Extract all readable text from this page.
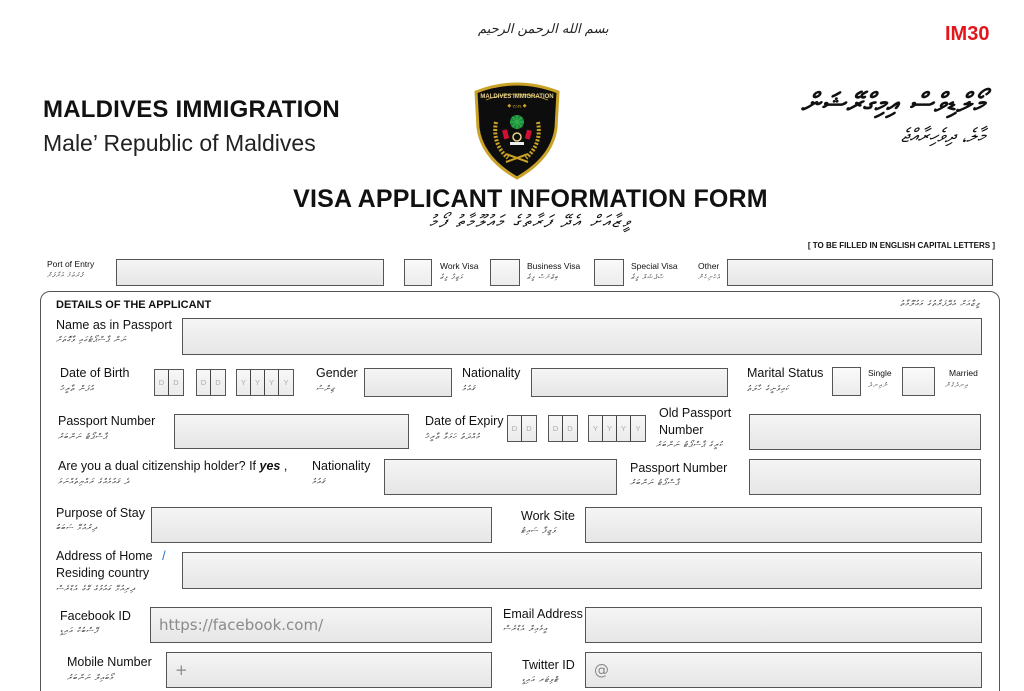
بسم الله الرحمن الرحيم	IM30
MALDIVES IMMIGRATION
Male’ Republic of Maldives
މޯލްޑިވްސް އިމިގްރޭޝަން
މާލެ، ދިވެހިރާއްޖެ
MALDIVES IMMIGRATION
◆ ޑިވިއިމި ◆
VISA APPLICANT INFORMATION FORM
ވީޒާއަށް އެދޭ ފަރާތުގެ މައުލޫމާތު ފޯމު
[ TO BE FILLED IN ENGLISH CAPITAL LETTERS ]
Port of Entry
ފުރަތަމަ އަރާފަށް
Work Visa
ވަޒީފާ ވީޒާ
Business Visa
ބިޒްނަސް ވީޒާ
Special Visa
ސްޕެޝަލް ވީޒާ
Other
އެހެނިހެން
DETAILS OF THE APPLICANT	ވީޒާއަށް އެދޭފަރާތުގެ މައުލޫމާތު
Name as in Passport
ނަން ޕާސްޕޯޓުގައި ވާގޮތަށް
Date of Birth
އުފަން ތާރީޚު
D	D	D	D	Y	Y	Y	Y
Gender
ޖިންސު
Nationality
ޤައުމު
Marital Status
ކައިވެނީގެ ހާލަތު
Single
ނުއިނދެ
Married
އިނދެގެން
Passport Number
ޕާސްޕޯޓު ނަންބަރު
Date of Expiry
މުއްދަތު ހަމަވާ ތާރީޚު
D	D	D	D	Y	Y	Y	Y
Old Passport
Number
ކުރީގެ ޕާސްޕޯޓު ނަންބަރު
Are you a dual citizenship holder? If yes ,
ދެ ޤައުމެއްގެ ރައްޔިތެއްނަމަ
Nationality
ޤައުމު
Passport Number
ޕާސްޕޯޓު ނަންބަރު
Purpose of Stay
ދިރުއުޅޭ ސަބަބު
Work Site
ވަޒީފާ ސައިޓު
Address of Home /
Residing country
ދިރިއުޅޭ ގައުމުގެ ގޭގެ އެޑްރެސް
Facebook ID
ފޭސްބުކް އައިޑީ	https://facebook.com/
Email Address
އީމެއިލް އެޑްރެސް
Mobile Number
މޯބައިލް ނަންބަރު	+	Twitter ID
ޓްވިޓަރ އައިޑީ
@
